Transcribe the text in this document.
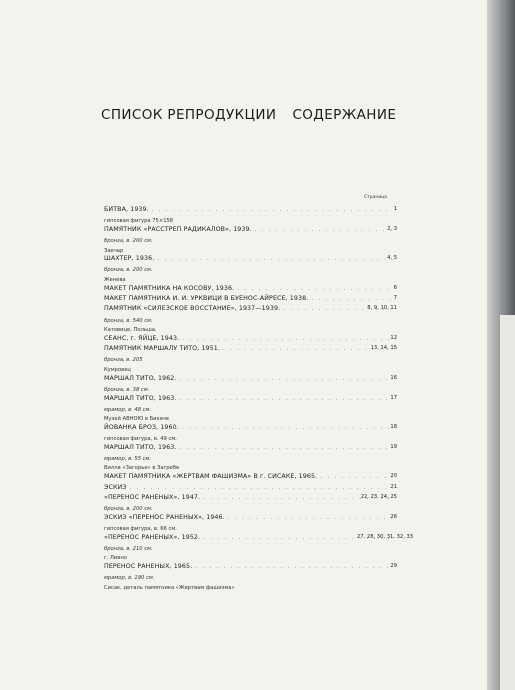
СПИСОК РЕПРОДУКЦИИ СОДЕРЖАНИЕ
Страница
БИТВА, 1939. . . .	1
гипсовая фигура 75×158
ПАМЯТНИК «РАССТРЕП РАДИКАЛОВ», 1939. . . .	2, 3
бронза, в. 200 см.
Заечар
ШАХТЕР, 1936. . . .	4, 5
бронза, в. 200 см.
Женева
МАКЕТ ПАМЯТНИКА НА КОСОВУ, 1936. . . .	6
МАКЕТ ПАМЯТНИКА И. И. УРКВИЦИ В БУЕНОС-АЙРЕСЕ, 1938. . . .	7
ПАМЯТНИК «СИЛЕЗСКОЕ ВОССТАНИЕ», 1937—1939. . . .	8, 9, 10, 11
бронза, в. 540 см.
Катовице, Польша.
СЕАНС, г. ЯЙЦЕ, 1943. . . .	12
ПАМЯТНИК МАРШАЛУ ТИТО, 1951. . . .	13, 14, 15
бронза, в. 205
Кумровец
МАРШАЛ ТИТО, 1962. . . .	16
бронза, в. 38 см.
МАРШАЛ ТИТО, 1963. . . .	17
мрамор, в. 48 см.
Музей АВНОЮ в Бихаче
ЙОВАНКА БРОЗ, 1960. . . .	18
гипсовая фигура, в. 49 см.
МАРШАЛ ТИТО, 1963. . . .	19
мрамор, в. 55 см.
Вилла «Загорье» в Загребе
МАКЕТ ПАМЯТНИКА «ЖЕРТВАМ ФАШИЗМА» В г. СИСАКЕ, 1965. . . .	20
ЭСКИЗ . . .	21
«ПЕРЕНОС РАНЕНЫХ», 1947. . . .	22, 23, 24, 25
бронза, в. 200 см.
ЭСКИЗ «ПЕРЕНОС РАНЕНЫХ», 1946. . . .	26
гипсовая фигура, в. 66 см.
«ПЕРЕНОС РАНЕНЫХ», 1952. . . .	27, 28, 30, 31, 32, 33
бронза, в. 210 см.
г. Ливно
ПЕРЕНОС РАНЕНЫХ, 1965. . . .	29
мрамор, в. 190 см.
Сисак, деталь памятника «Жертвам фашизма»
